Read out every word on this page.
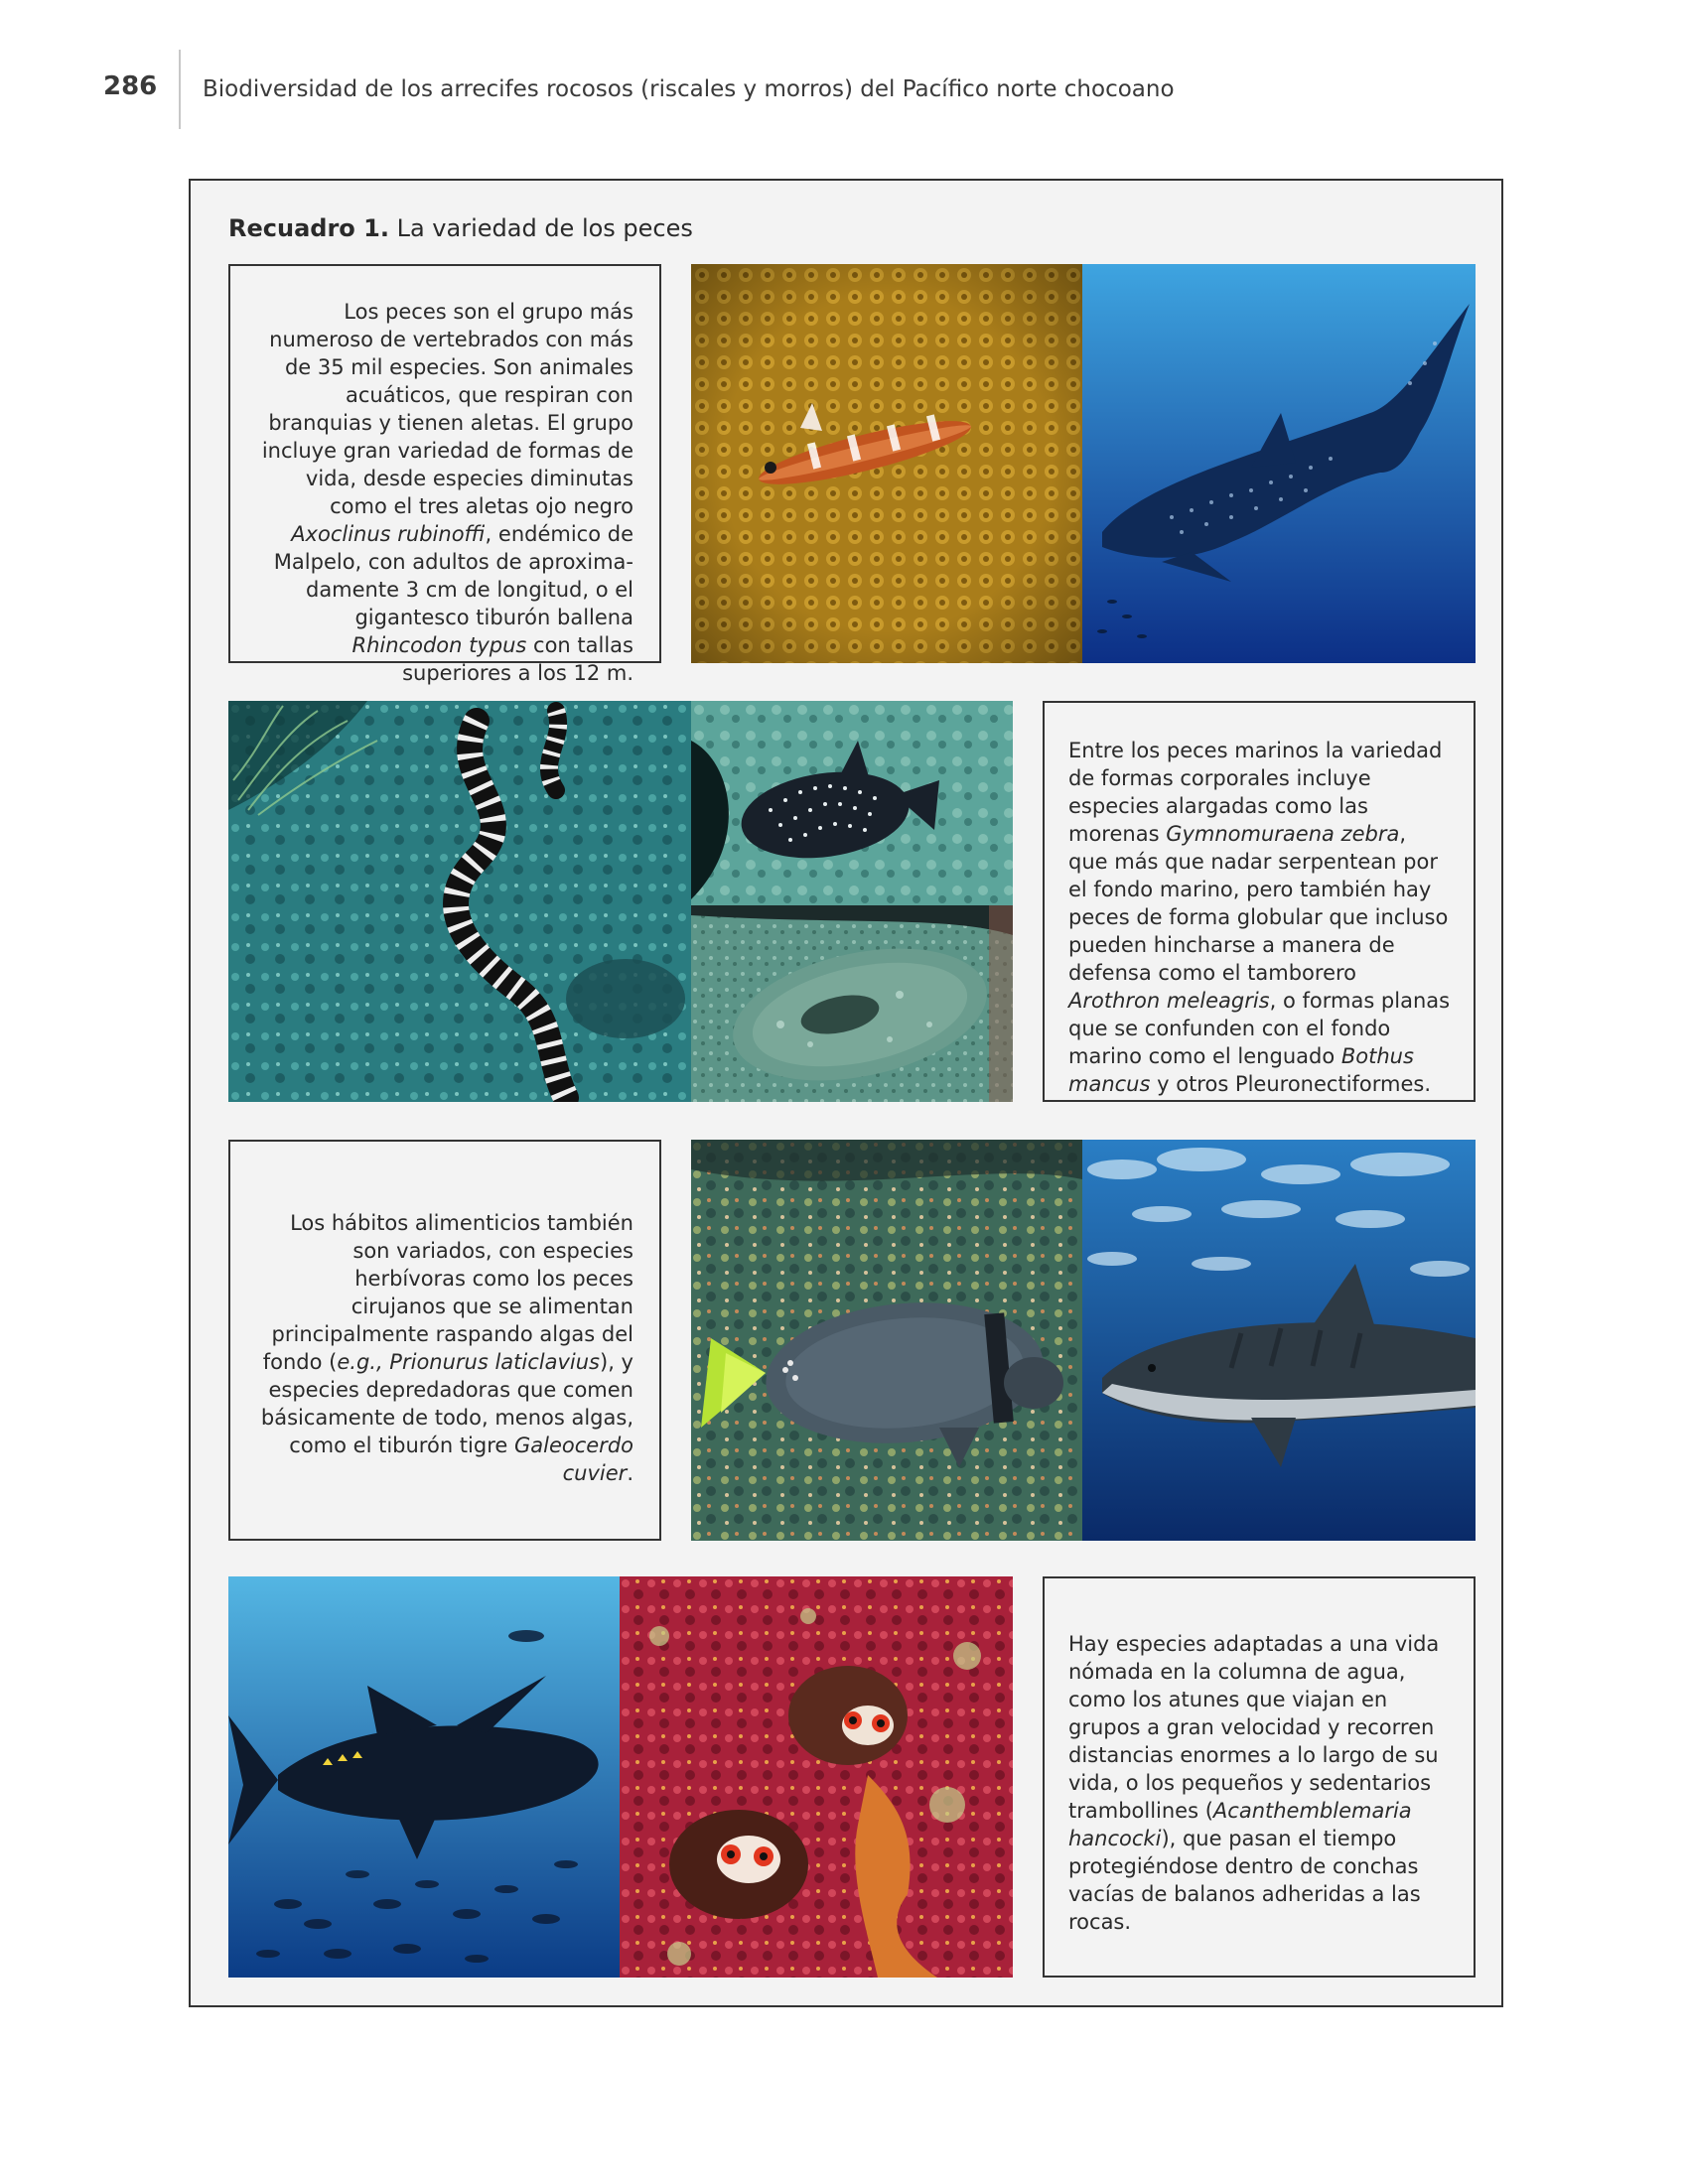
286 Biodiversidad de los arrecifes rocosos (riscales y morros) del Pacífico norte chocoano
Recuadro 1. La variedad de los peces
Los peces son el grupo más numeroso de vertebrados con más de 35 mil especies. Son animales acuáticos, que respiran con branquias y tienen aletas. El grupo incluye gran variedad de formas de vida, desde especies diminutas como el tres aletas ojo negro Axoclinus rubinoffi, endémico de Malpelo, con adultos de aproximadamente 3 cm de longitud, o el gigantesco tiburón ballena Rhincodon typus con tallas superiores a los 12 m.
Entre los peces marinos la variedad de formas corporales incluye especies alargadas como las morenas Gymnomuraena zebra, que más que nadar serpentean por el fondo marino, pero también hay peces de forma globular que incluso pueden hincharse a manera de defensa como el tamborero Arothron meleagris, o formas planas que se confunden con el fondo marino como el lenguado Bothus mancus y otros Pleuronectiformes.
Los hábitos alimenticios también son variados, con especies herbívoras como los peces cirujanos que se alimentan principalmente raspando algas del fondo (e.g., Prionurus laticlavius), y especies depredadoras que comen básicamente de todo, menos algas, como el tiburón tigre Galeocerdo cuvier.
Hay especies adaptadas a una vida nómada en la columna de agua, como los atunes que viajan en grupos a gran velocidad y recorren distancias enormes a lo largo de su vida, o los pequeños y sedentarios trambollines (Acanthemblemaria hancocki), que pasan el tiempo protegiéndose dentro de conchas vacías de balanos adheridas a las rocas.
